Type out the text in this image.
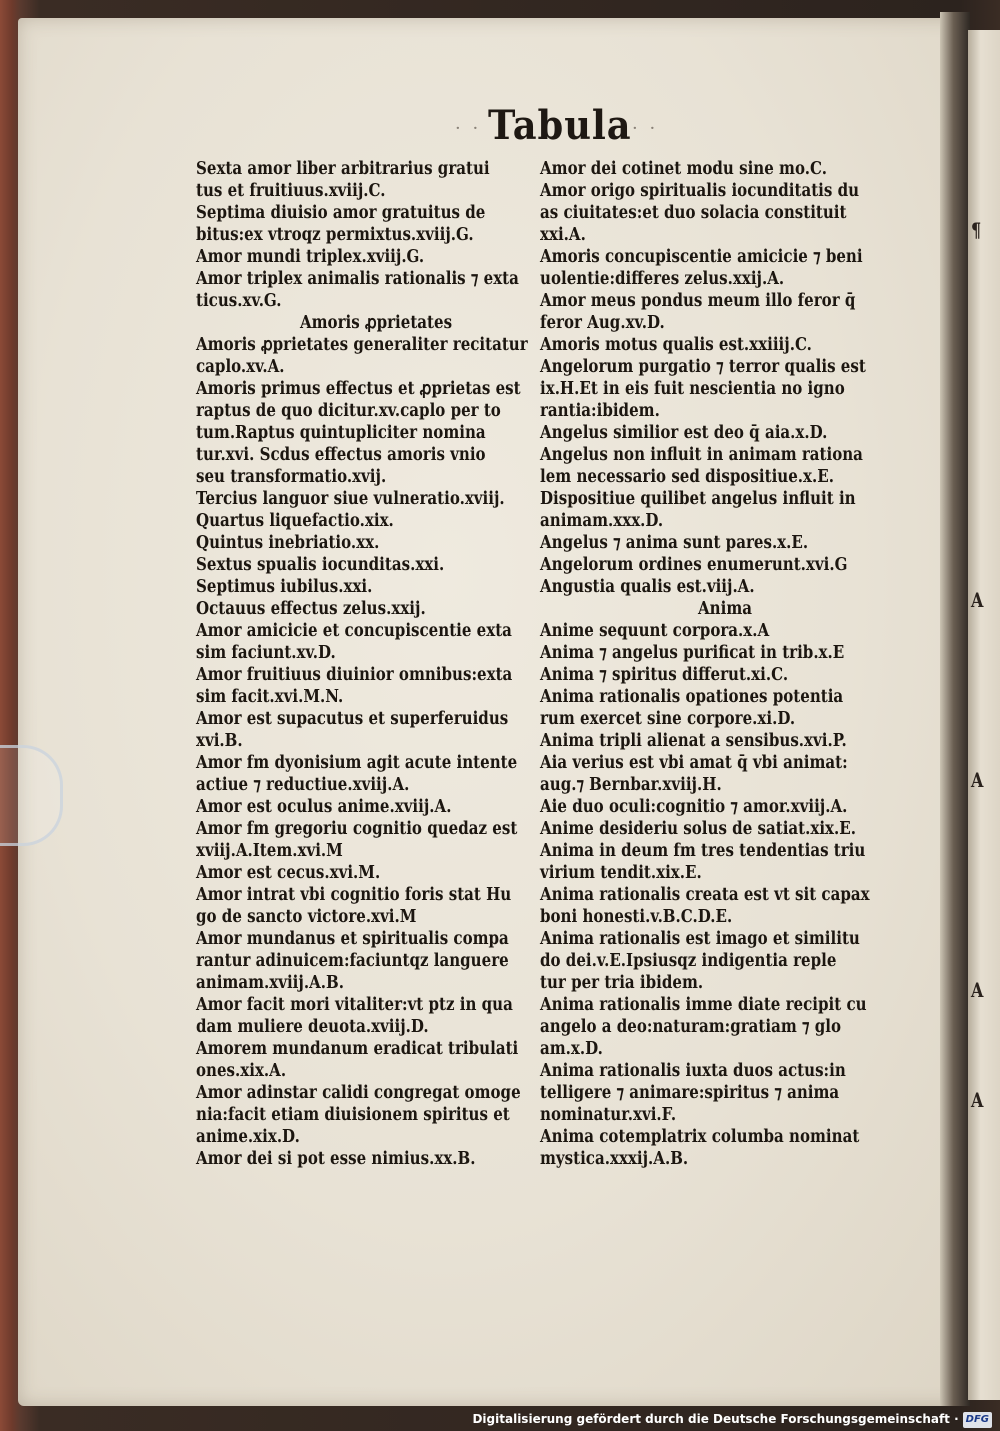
¶
A
A
A
A
· · Tabula · ·
Sexta amor liber arbitrarius gratui
tus et fruitiuus.xviij.C.
Septima diuisio amor gratuitus de
bitus:ex vtroqz permixtus.xviij.G.
Amor mundi triplex.xviij.G.
Amor triplex animalis rationalis ⁊ exta
ticus.xv.G.
Amoris ꝓprietates
Amoris ꝓprietates generaliter recitatur
caplo.xv.A.
Amoris primus effectus et ꝓprietas est
raptus de quo dicitur.xv.caplo per to
tum.Raptus quintupliciter nomina
tur.xvi. Scdus effectus amoris vnio
seu transformatio.xvij.
Tercius languor siue vulneratio.xviij.
Quartus liquefactio.xix.
Quintus inebriatio.xx.
Sextus spualis iocunditas.xxi.
Septimus iubilus.xxi.
Octauus effectus zelus.xxij.
Amor amicicie et concupiscentie exta
sim faciunt.xv.D.
Amor fruitiuus diuinior omnibus:exta
sim facit.xvi.M.N.
Amor est supacutus et superferuidus
xvi.B.
Amor fm dyonisium agit acute intente
actiue ⁊ reductiue.xviij.A.
Amor est oculus anime.xviij.A.
Amor fm gregoriu cognitio quedaz est
xviij.A.Item.xvi.M
Amor est cecus.xvi.M.
Amor intrat vbi cognitio foris stat Hu
go de sancto victore.xvi.M
Amor mundanus et spiritualis compa
rantur adinuicem:faciuntqz languere
animam.xviij.A.B.
Amor facit mori vitaliter:vt ptz in qua
dam muliere deuota.xviij.D.
Amorem mundanum eradicat tribulati
ones.xix.A.
Amor adinstar calidi congregat omoge
nia:facit etiam diuisionem spiritus et
anime.xix.D.
Amor dei si pot esse nimius.xx.B.
Amor dei cotinet modu sine mo.C.
Amor origo spiritualis iocunditatis du
as ciuitates:et duo solacia constituit
xxi.A.
Amoris concupiscentie amicicie ⁊ beni
uolentie:differes zelus.xxij.A.
Amor meus pondus meum illo feror q̄
feror Aug.xv.D.
Amoris motus qualis est.xxiiij.C.
Angelorum purgatio ⁊ terror qualis est
ix.H.Et in eis fuit nescientia no igno
rantia:ibidem.
Angelus similior est deo q̄ aia.x.D.
Angelus non influit in animam rationa
lem necessario sed dispositiue.x.E.
Dispositiue quilibet angelus influit in
animam.xxx.D.
Angelus ⁊ anima sunt pares.x.E.
Angelorum ordines enumerunt.xvi.G
Angustia qualis est.viij.A.
Anima
Anime sequunt corpora.x.A
Anima ⁊ angelus purificat in trib.x.E
Anima ⁊ spiritus differut.xi.C.
Anima rationalis opationes potentia
rum exercet sine corpore.xi.D.
Anima tripli alienat a sensibus.xvi.P.
Aia verius est vbi amat q̄ vbi animat:
aug.⁊ Bernbar.xviij.H.
Aie duo oculi:cognitio ⁊ amor.xviij.A.
Anime desideriu solus de satiat.xix.E.
Anima in deum fm tres tendentias triu
virium tendit.xix.E.
Anima rationalis creata est vt sit capax
boni honesti.v.B.C.D.E.
Anima rationalis est imago et similitu
do dei.v.E.Ipsiusqz indigentia reple
tur per tria ibidem.
Anima rationalis imme diate recipit cu
angelo a deo:naturam:gratiam ⁊ glo
am.x.D.
Anima rationalis iuxta duos actus:in
telligere ⁊ animare:spiritus ⁊ anima
nominatur.xvi.F.
Anima cotemplatrix columba nominat
mystica.xxxij.A.B.
Digitalisierung gefördert durch die Deutsche Forschungsgemeinschaft · DFG
